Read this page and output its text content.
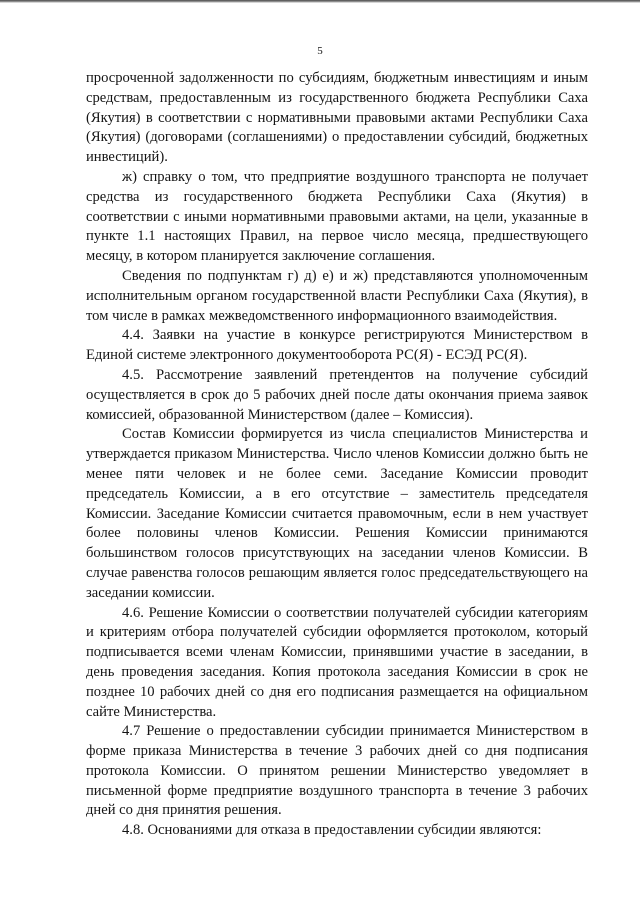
5

просроченной задолженности по субсидиям, бюджетным инвестициям и иным средствам, предоставленным из государственного бюджета Республики Саха (Якутия) в соответствии с нормативными правовыми актами Республики Саха (Якутия) (договорами (соглашениями) о предоставлении субсидий, бюджетных инвестиций).

ж) справку о том, что предприятие воздушного транспорта не получает средства из государственного бюджета Республики Саха (Якутия) в соответствии с иными нормативными правовыми актами, на цели, указанные в пункте 1.1 настоящих Правил, на первое число месяца, предшествующего месяцу, в котором планируется заключение соглашения.

Сведения по подпунктам г) д) е) и ж) представляются уполномоченным исполнительным органом государственной власти Республики Саха (Якутия), в том числе в рамках межведомственного информационного взаимодействия.

4.4. Заявки на участие в конкурсе регистрируются Министерством в Единой системе электронного документооборота РС(Я) - ЕСЭД РС(Я).

4.5. Рассмотрение заявлений претендентов на получение субсидий осуществляется в срок до 5 рабочих дней после даты окончания приема заявок комиссией, образованной Министерством (далее – Комиссия).

Состав Комиссии формируется из числа специалистов Министерства и утверждается приказом Министерства. Число членов Комиссии должно быть не менее пяти человек и не более семи. Заседание Комиссии проводит председатель Комиссии, а в его отсутствие – заместитель председателя Комиссии. Заседание Комиссии считается правомочным, если в нем участвует более половины членов Комиссии. Решения Комиссии принимаются большинством голосов присутствующих на заседании членов Комиссии. В случае равенства голосов решающим является голос председательствующего на заседании комиссии.

4.6. Решение Комиссии о соответствии получателей субсидии категориям и критериям отбора получателей субсидии оформляется протоколом, который подписывается всеми членам Комиссии, принявшими участие в заседании, в день проведения заседания. Копия протокола заседания Комиссии в срок не позднее 10 рабочих дней со дня его подписания размещается на официальном сайте Министерства.

4.7 Решение о предоставлении субсидии принимается Министерством в форме приказа Министерства в течение 3 рабочих дней со дня подписания протокола Комиссии. О принятом решении Министерство уведомляет в письменной форме предприятие воздушного транспорта в течение 3 рабочих дней со дня принятия решения.

4.8. Основаниями для отказа в предоставлении субсидии являются:
